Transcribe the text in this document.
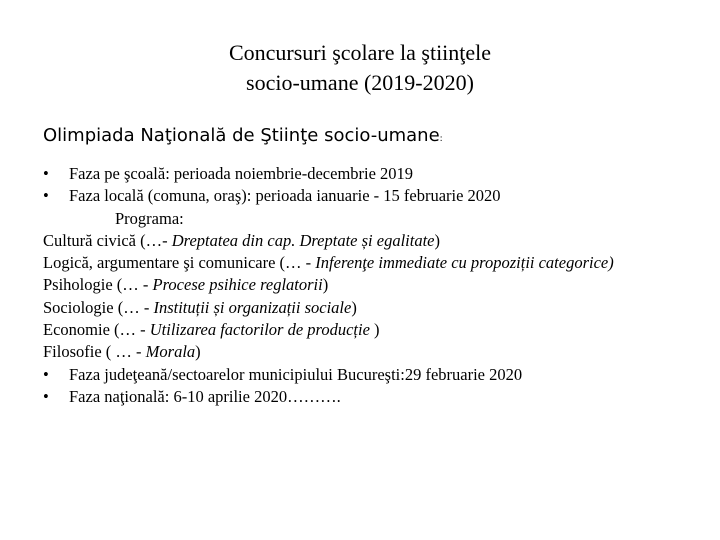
Concursuri şcolare la ştiinţele
socio-umane (2019-2020)
Olimpiada Naţională de Ştiinţe socio-umane:
• Faza pe şcoală: perioada noiembrie-decembrie 2019
• Faza locală (comuna, oraş): perioada ianuarie - 15 februarie 2020
Programa:
Cultură civică (…- Dreptatea din cap. Dreptate și egalitate)
Logică, argumentare şi comunicare (… - Inferenţe immediate cu propoziții categorice)
Psihologie (… - Procese psihice reglatorii)
Sociologie (… - Instituții și organizații sociale)
Economie (… - Utilizarea factorilor de producție )
Filosofie ( … - Morala)
• Faza judeţeană/sectoarelor municipiului Bucureşti:29 februarie 2020
• Faza naţională: 6-10 aprilie 2020……….
